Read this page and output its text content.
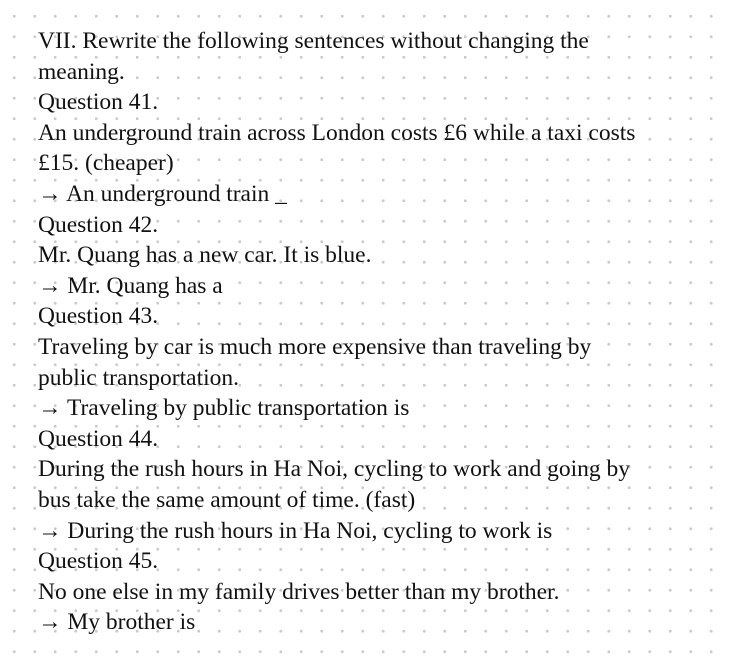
VII. Rewrite the following sentences without changing the
meaning.
Question 41.
An underground train across London costs £6 while a taxi costs
£15. (cheaper)
→ An underground train _
Question 42.
Mr. Quang has a new car. It is blue.
→ Mr. Quang has a
Question 43.
Traveling by car is much more expensive than traveling by
public transportation.
→ Traveling by public transportation is
Question 44.
During the rush hours in Ha Noi, cycling to work and going by
bus take the same amount of time. (fast)
→ During the rush hours in Ha Noi, cycling to work is
Question 45.
No one else in my family drives better than my brother.
→ My brother is
